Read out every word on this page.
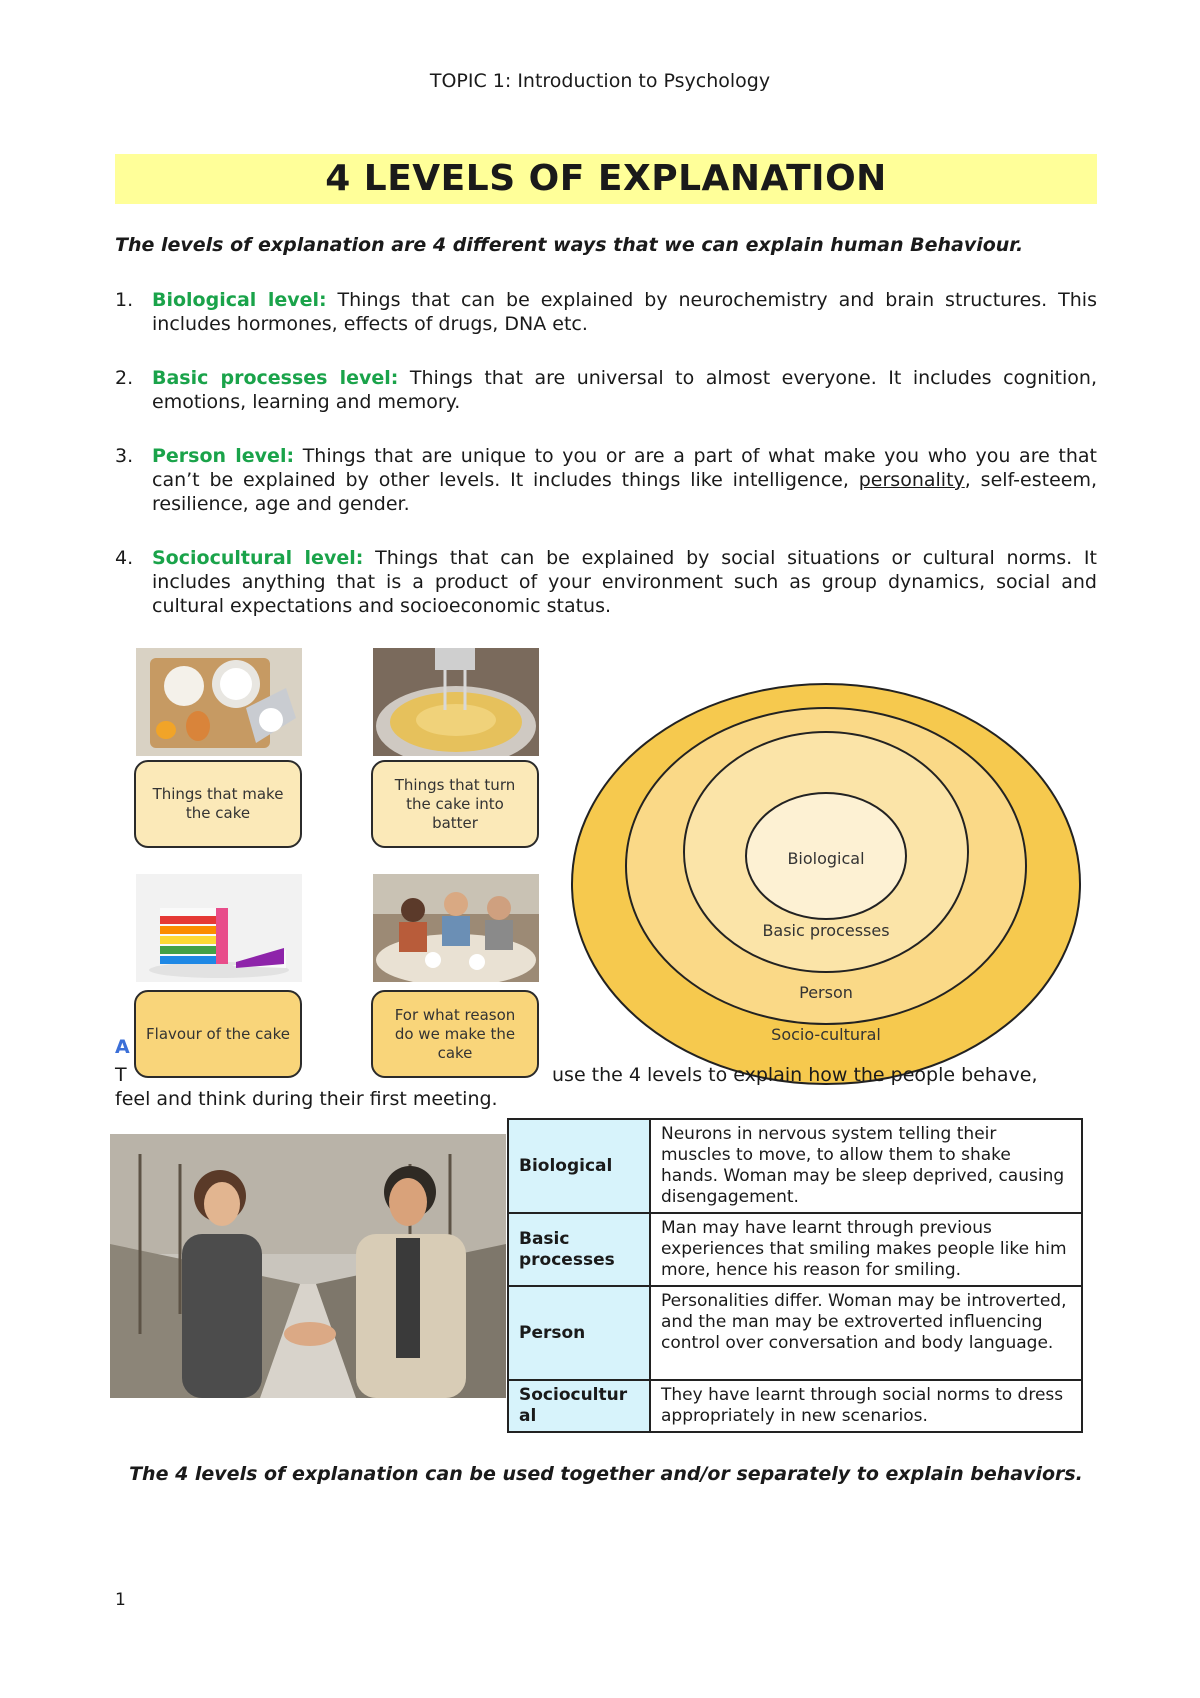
TOPIC 1: Introduction to Psychology
4 LEVELS OF EXPLANATION
The levels of explanation are 4 different ways that we can explain human Behaviour.
1. Biological level: Things that can be explained by neurochemistry and brain structures. This includes hormones, effects of drugs, DNA etc.
2. Basic processes level: Things that are universal to almost everyone. It includes cognition, emotions, learning and memory.
3. Person level: Things that are unique to you or are a part of what make you who you are that can’t be explained by other levels. It includes things like intelligence, personality, self-esteem, resilience, age and gender.
4. Sociocultural level: Things that can be explained by social situations or cultural norms. It includes anything that is a product of your environment such as group dynamics, social and cultural expectations and socioeconomic status.
Things that make the cake
Things that turn the cake into batter
Flavour of the cake
For what reason do we make the cake
Biological
Basic processes
Person
Socio-cultural
A
T	use the 4 levels to explain how the people behave,
feel and think during their first meeting.
Biological	Neurons in nervous system telling their muscles to move, to allow them to shake hands. Woman may be sleep deprived, causing disengagement.
Basic processes	Man may have learnt through previous experiences that smiling makes people like him more, hence his reason for smiling.
Person	Personalities differ. Woman may be introverted, and the man may be extroverted influencing control over conversation and body language.
Sociocultur al	They have learnt through social norms to dress appropriately in new scenarios.
The 4 levels of explanation can be used together and/or separately to explain behaviors.
1
